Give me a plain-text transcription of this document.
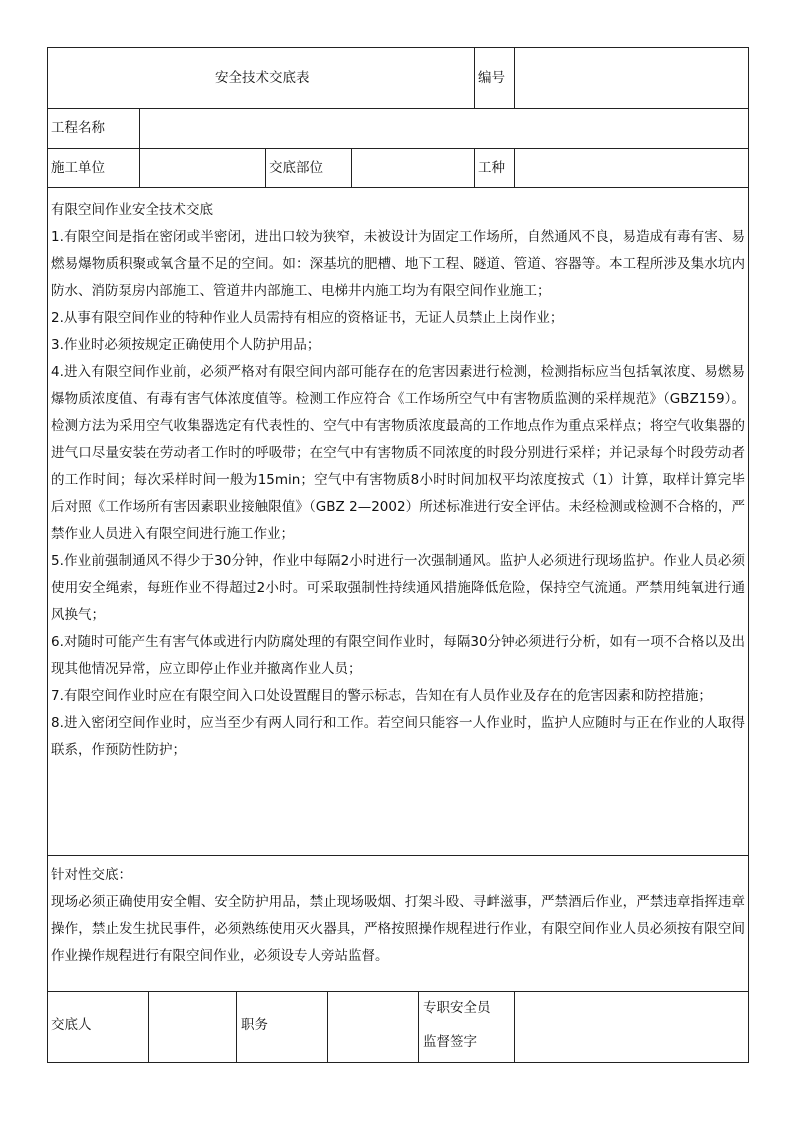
安全技术交底表	编号
工程名称
施工单位	交底部位	工种

有限空间作业安全技术交底

1.有限空间是指在密闭或半密闭，进出口较为狭窄，未被设计为固定工作场所，自然通风不良，易造成有毒有害、易燃易爆物质积聚或氧含量不足的空间。如：深基坑的肥槽、地下工程、隧道、管道、容器等。本工程所涉及集水坑内防水、消防泵房内部施工、管道井内部施工、电梯井内施工均为有限空间作业施工；

2.从事有限空间作业的特种作业人员需持有相应的资格证书，无证人员禁止上岗作业；

3.作业时必须按规定正确使用个人防护用品；

4.进入有限空间作业前，必须严格对有限空间内部可能存在的危害因素进行检测，检测指标应当包括氧浓度、易燃易爆物质浓度值、有毒有害气体浓度值等。检测工作应符合《工作场所空气中有害物质监测的采样规范》（GBZ159）。检测方法为采用空气收集器选定有代表性的、空气中有害物质浓度最高的工作地点作为重点采样点；将空气收集器的进气口尽量安装在劳动者工作时的呼吸带；在空气中有害物质不同浓度的时段分别进行采样；并记录每个时段劳动者的工作时间；每次采样时间一般为15min；空气中有害物质8小时时间加权平均浓度按式（1）计算，取样计算完毕后对照《工作场所有害因素职业接触限值》（GBZ 2—2002）所述标准进行安全评估。未经检测或检测不合格的，严禁作业人员进入有限空间进行施工作业；

5.作业前强制通风不得少于30分钟，作业中每隔2小时进行一次强制通风。监护人必须进行现场监护。作业人员必须使用安全绳索，每班作业不得超过2小时。可采取强制性持续通风措施降低危险，保持空气流通。严禁用纯氧进行通风换气；

6.对随时可能产生有害气体或进行内防腐处理的有限空间作业时，每隔30分钟必须进行分析，如有一项不合格以及出现其他情况异常，应立即停止作业并撤离作业人员；

7.有限空间作业时应在有限空间入口处设置醒目的警示标志，告知在有人员作业及存在的危害因素和防控措施；

8.进入密闭空间作业时，应当至少有两人同行和工作。若空间只能容一人作业时，监护人应随时与正在作业的人取得联系，作预防性防护；

针对性交底：

现场必须正确使用安全帽、安全防护用品，禁止现场吸烟、打架斗殴、寻衅滋事，严禁酒后作业，严禁违章指挥违章操作，禁止发生扰民事件，必须熟练使用灭火器具，严格按照操作规程进行作业，有限空间作业人员必须按有限空间作业操作规程进行有限空间作业，必须设专人旁站监督。

交底人	职务
专职安全员
监督签字
